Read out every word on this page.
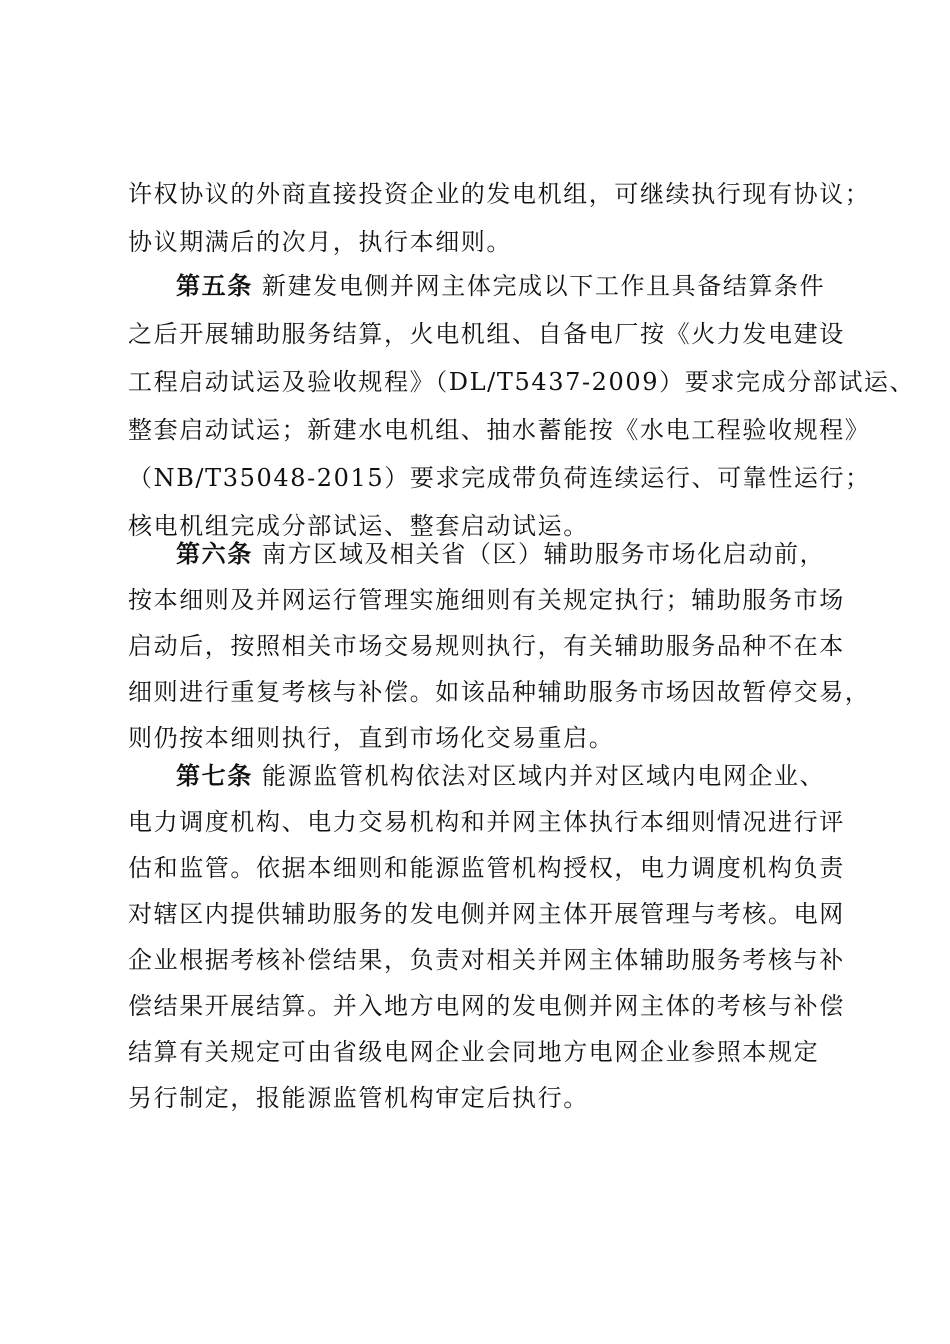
许权协议的外商直接投资企业的发电机组，可继续执行现有协议；
协议期满后的次月，执行本细则。
第五条 新建发电侧并网主体完成以下工作且具备结算条件
之后开展辅助服务结算，火电机组、自备电厂按《火力发电建设
工程启动试运及验收规程》（DL/T5437-2009）要求完成分部试运、
整套启动试运；新建水电机组、抽水蓄能按《水电工程验收规程》
（NB/T35048-2015）要求完成带负荷连续运行、可靠性运行；
核电机组完成分部试运、整套启动试运。
第六条 南方区域及相关省（区）辅助服务市场化启动前，
按本细则及并网运行管理实施细则有关规定执行；辅助服务市场
启动后，按照相关市场交易规则执行，有关辅助服务品种不在本
细则进行重复考核与补偿。如该品种辅助服务市场因故暂停交易，
则仍按本细则执行，直到市场化交易重启。
第七条 能源监管机构依法对区域内并对区域内电网企业、
电力调度机构、电力交易机构和并网主体执行本细则情况进行评
估和监管。依据本细则和能源监管机构授权，电力调度机构负责
对辖区内提供辅助服务的发电侧并网主体开展管理与考核。电网
企业根据考核补偿结果，负责对相关并网主体辅助服务考核与补
偿结果开展结算。并入地方电网的发电侧并网主体的考核与补偿
结算有关规定可由省级电网企业会同地方电网企业参照本规定
另行制定，报能源监管机构审定后执行。
